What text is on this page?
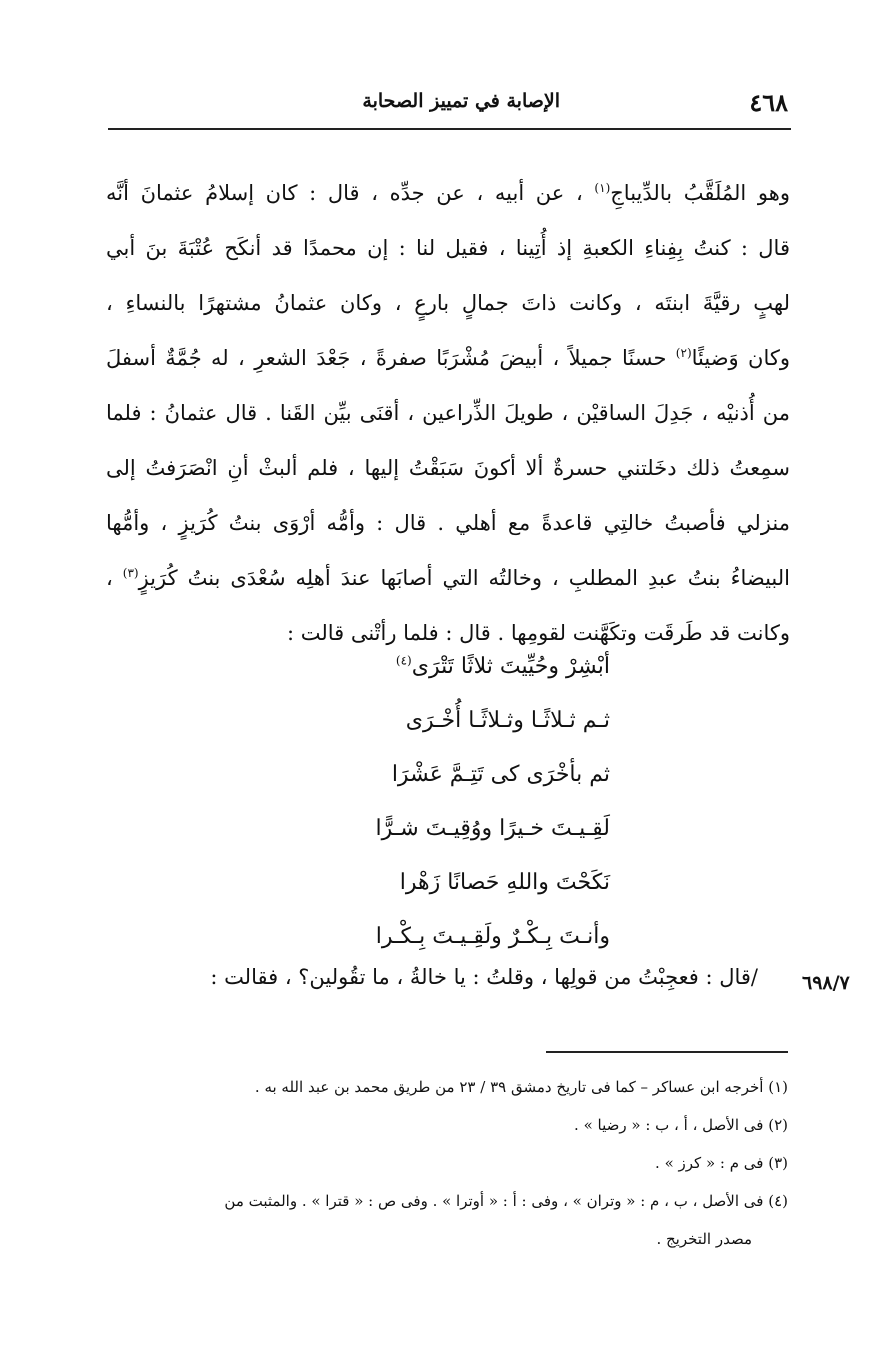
٤٦٨
الإصابة في تمييز الصحابة
وهو المُلَقَّبُ بالدِّيباجِ$^{(١)}$ ، عن أبيه ، عن جدِّه ، قال : كان إسلامُ عثمانَ أنَّه
قال : كنتُ بِفِناءِ الكعبةِ إذ أُتِينا ، فقيل لنا : إن محمدًا قد أنكَح عُتْبَةَ بنَ أبي
لهبٍ رقيَّةَ ابنتَه ، وكانت ذاتَ جمالٍ بارعٍ ، وكان عثمانُ مشتهرًا بالنساءِ ،
وكان وَضيئًا$^{(٢)}$ حسنًا جميلاً ، أبيضَ مُشْرَبًا صفرةً ، جَعْدَ الشعرِ ، له جُمَّةٌ أسفلَ
من أُذنيْه ، جَدِلَ الساقيْن ، طويلَ الذِّراعين ، أقنَى بيِّن القَنا . قال عثمانُ : فلما
سمِعتُ ذلك دخَلتني حسرةٌ ألا أكونَ سَبَقْتُ إليها ، فلم ألبثْ أنِ انْصَرَفتُ إلى
منزلي فأصبتُ خالتِي قاعدةً مع أهلي . قال : وأمُّه أرْوَى بنتُ كُرَيزٍ ، وأمُّها
البيضاءُ بنتُ عبدِ المطلبِ ، وخالتُه التي أصابَها عندَ أهلِه سُعْدَى بنتُ كُرَيزٍ$^{(٣)}$ ،
وكانت قد طَرقَت وتكَهَّنت لقومِها . قال : فلما رأتْنى قالت :
أبْشِرْ وحُيِّيتَ ثلاثًا تَتْرَى$^{(٤)}$
ثـم ثـلاثًـا وثـلاثًـا أُخْـرَى
ثم بأخْرَى كى تَتِـمَّ عَشْرَا
لَقِـيـتَ خـيرًا ووُقِيـتَ شـرًّا
نَكَحْتَ واللهِ حَصانًا زَهْرا
وأنـتَ بِـكْـرٌ ولَقِـيـتَ بِـكْـرا
/قال : فعجِبْتُ من قولِها ، وقلتُ : يا خالةُ ، ما تقُولين؟ ، فقالت : ٦٩٨/٧
(١) أخرجه ابن عساكر – كما فى تاريخ دمشق ٣٩ / ٢٣ من طريق محمد بن عبد الله به .
(٢) فى الأصل ، أ ، ب : « رضيا » .
(٣) فى م : « كرز » .
(٤) فى الأصل ، ب ، م : « وتران » ، وفى : أ : « أوترا » . وفى ص : « قترا » . والمثبت من
مصدر التخريج .
